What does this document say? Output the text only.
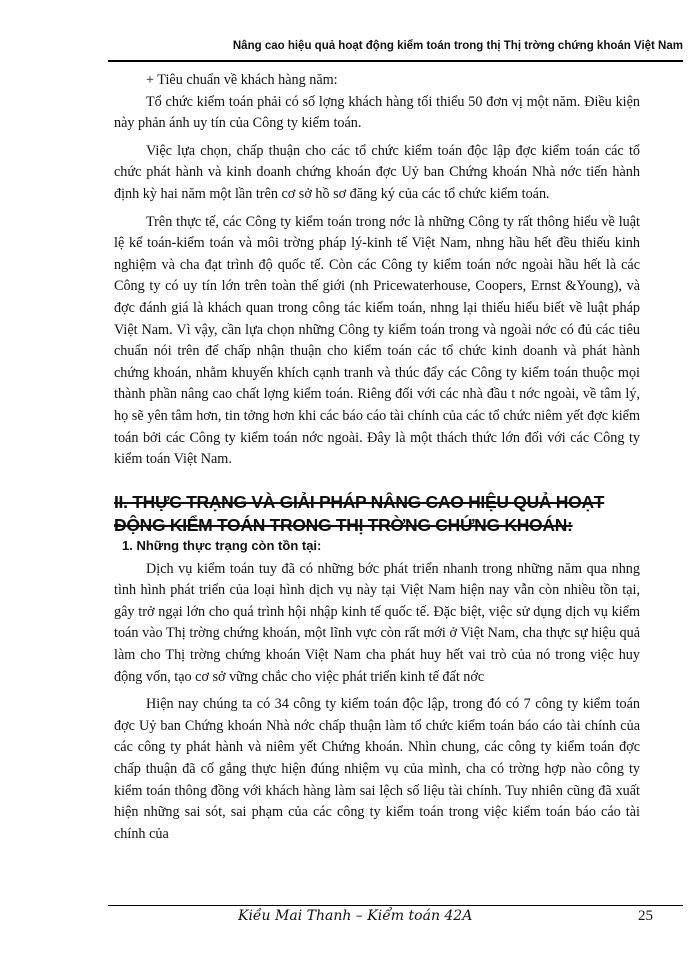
Nâng cao hiệu quả hoạt động kiểm toán trong thị Thị trờng chứng khoán Việt Nam

+ Tiêu chuẩn về khách hàng năm:

Tổ chức kiểm toán phải có số lợng khách hàng tối thiểu 50 đơn vị một năm. Điều kiện này phản ánh uy tín của Công ty kiểm toán.

Việc lựa chọn, chấp thuận cho các tổ chức kiểm toán độc lập đợc kiểm toán các tổ chức phát hành và kinh doanh chứng khoán đợc Uỷ ban Chứng khoán Nhà nớc tiến hành định kỳ hai năm một lần trên cơ sở hồ sơ đăng ký của các tổ chức kiểm toán.

Trên thực tế, các Công ty kiểm toán trong nớc là những Công ty rất thông hiểu về luật lệ kế toán-kiểm toán và môi trờng pháp lý-kinh tế Việt Nam, nhng hầu hết đều thiếu kinh nghiệm và cha đạt trình độ quốc tế. Còn các Công ty kiểm toán nớc ngoài hầu hết là các Công ty có uy tín lớn trên toàn thế giới (nh Pricewaterhouse, Coopers, Ernst &Young), và đợc đánh giá là khách quan trong công tác kiểm toán, nhng lại thiếu hiểu biết về luật pháp Việt Nam. Vì vậy, cần lựa chọn những Công ty kiểm toán trong và ngoài nớc có đủ các tiêu chuẩn nói trên để chấp nhận thuận cho kiểm toán các tổ chức kinh doanh và phát hành chứng khoán, nhằm khuyến khích cạnh tranh và thúc đẩy các Công ty kiểm toán thuộc mọi thành phần nâng cao chất lợng kiểm toán. Riêng đối với các nhà đầu t nớc ngoài, về tâm lý, họ sẽ yên tâm hơn, tin tởng hơn khi các báo cáo tài chính của các tổ chức niêm yết đợc kiểm toán bởi các Công ty kiểm toán nớc ngoài. Đây là một thách thức lớn đối với các Công ty kiểm toán Việt Nam.

II. THỰC TRẠNG VÀ GIẢI PHÁP NÂNG CAO HIỆU QUẢ HOẠT
ĐỘNG KIỂM TOÁN TRONG THỊ TRỜNG CHỨNG KHOÁN:
1. Những thực trạng còn tồn tại:

Dịch vụ kiểm toán tuy đã có những bớc phát triển nhanh trong những năm qua nhng tình hình phát triển của loại hình dịch vụ này tại Việt Nam hiện nay vẫn còn nhiều tồn tại, gây trở ngại lớn cho quá trình hội nhập kinh tế quốc tế. Đặc biệt, việc sử dụng dịch vụ kiểm toán vào Thị trờng chứng khoán, một lĩnh vực còn rất mới ở Việt Nam, cha thực sự hiệu quả làm cho Thị trờng chứng khoán Việt Nam cha phát huy hết vai trò của nó trong việc huy động vốn, tạo cơ sở vững chắc cho việc phát triển kinh tế đất nớc

Hiện nay chúng ta có 34 công ty kiểm toán độc lập, trong đó có 7 công ty kiểm toán đợc Uỷ ban Chứng khoán Nhà nớc chấp thuận làm tổ chức kiểm toán báo cáo tài chính của các công ty phát hành và niêm yết Chứng khoán. Nhìn chung, các công ty kiểm toán đợc chấp thuận đã cố gắng thực hiện đúng nhiệm vụ của mình, cha có trờng hợp nào công ty kiểm toán thông đồng với khách hàng làm sai lệch số liệu tài chính. Tuy nhiên cũng đã xuất hiện những sai sót, sai phạm của các công ty kiểm toán trong việc kiểm toán báo cáo tài chính của

Kiều Mai Thanh – Kiểm toán 42A	25
